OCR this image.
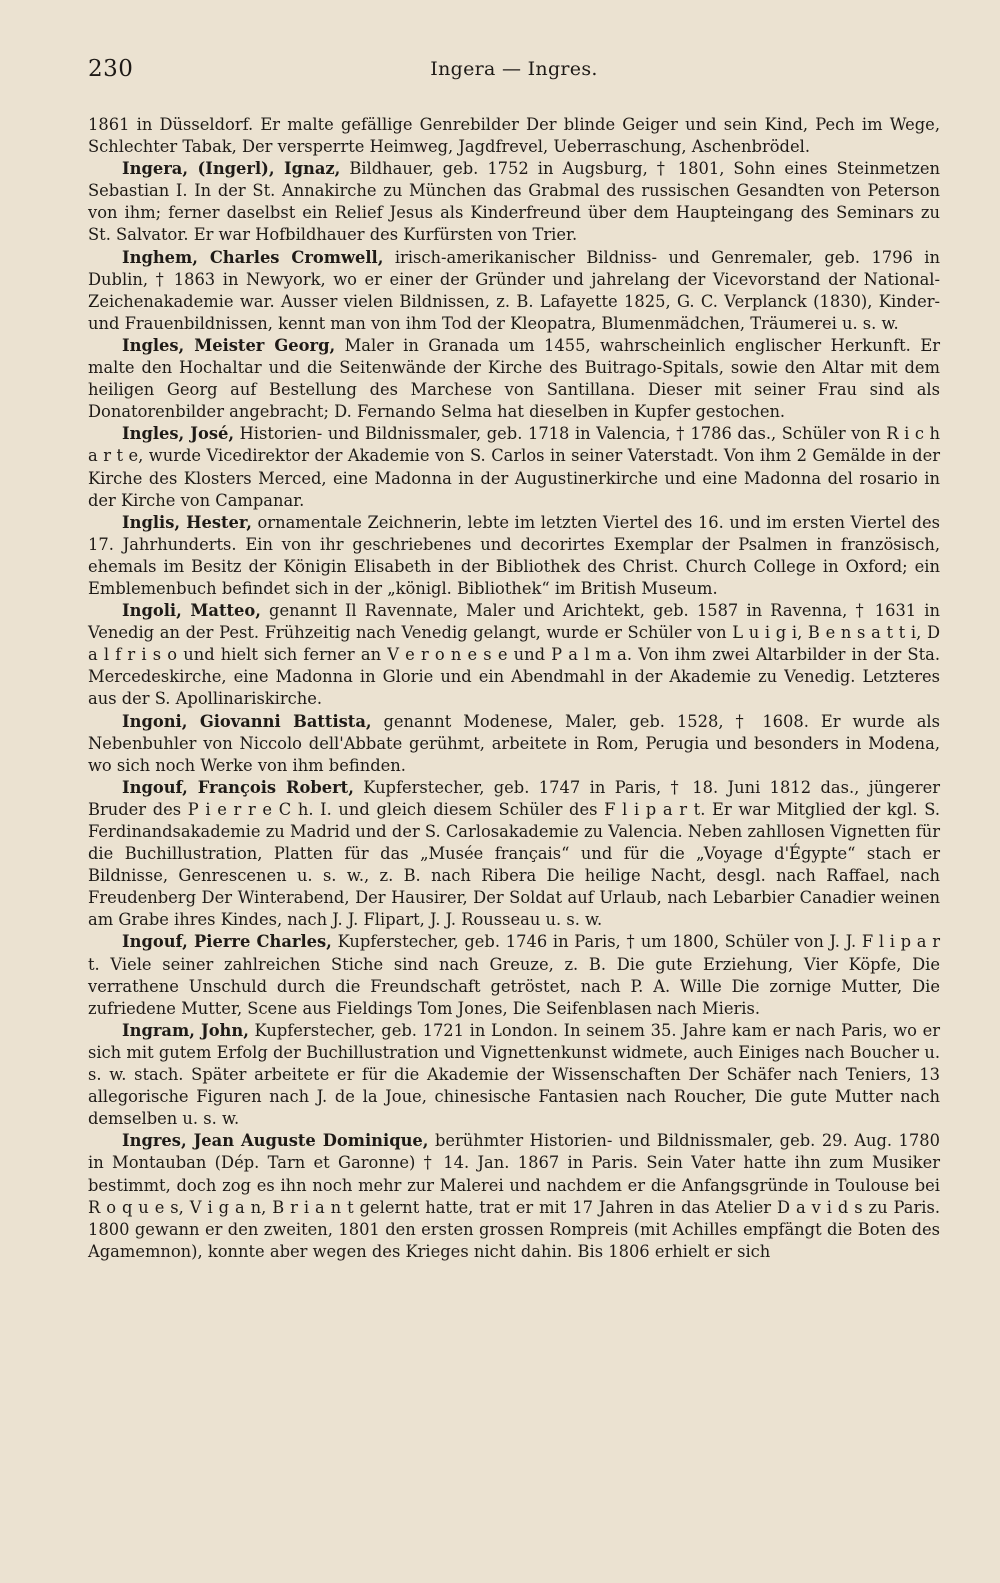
230	Ingera — Ingres.

1861 in Düsseldorf. Er malte gefällige Genrebilder Der blinde Geiger und sein Kind, Pech im Wege, Schlechter Tabak, Der versperrte Heimweg, Jagdfrevel, Ueberraschung, Aschenbrödel.

Ingera, (Ingerl), Ignaz, Bildhauer, geb. 1752 in Augsburg, † 1801, Sohn eines Steinmetzen Sebastian I. In der St. Annakirche zu München das Grabmal des russischen Gesandten von Peterson von ihm; ferner daselbst ein Relief Jesus als Kinderfreund über dem Haupteingang des Seminars zu St. Salvator. Er war Hofbildhauer des Kurfürsten von Trier.

Inghem, Charles Cromwell, irisch-amerikanischer Bildniss- und Genremaler, geb. 1796 in Dublin, † 1863 in Newyork, wo er einer der Gründer und jahrelang der Vicevorstand der National-Zeichenakademie war. Ausser vielen Bildnissen, z. B. Lafayette 1825, G. C. Verplanck (1830), Kinder- und Frauenbildnissen, kennt man von ihm Tod der Kleopatra, Blumenmädchen, Träumerei u. s. w.

Ingles, Meister Georg, Maler in Granada um 1455, wahrscheinlich englischer Herkunft. Er malte den Hochaltar und die Seitenwände der Kirche des Buitrago-Spitals, sowie den Altar mit dem heiligen Georg auf Bestellung des Marchese von Santillana. Dieser mit seiner Frau sind als Donatorenbilder angebracht; D. Fernando Selma hat dieselben in Kupfer gestochen.

Ingles, José, Historien- und Bildnissmaler, geb. 1718 in Valencia, † 1786 das., Schüler von R i c h a r t e, wurde Vicedirektor der Akademie von S. Carlos in seiner Vaterstadt. Von ihm 2 Gemälde in der Kirche des Klosters Merced, eine Madonna in der Augustinerkirche und eine Madonna del rosario in der Kirche von Campanar.

Inglis, Hester, ornamentale Zeichnerin, lebte im letzten Viertel des 16. und im ersten Viertel des 17. Jahrhunderts. Ein von ihr geschriebenes und decorirtes Exemplar der Psalmen in französisch, ehemals im Besitz der Königin Elisabeth in der Bibliothek des Christ. Church College in Oxford; ein Emblemenbuch befindet sich in der „königl. Bibliothek“ im British Museum.

Ingoli, Matteo, genannt Il Ravennate, Maler und Arichtekt, geb. 1587 in Ravenna, † 1631 in Venedig an der Pest. Frühzeitig nach Venedig gelangt, wurde er Schüler von L u i g i, B e n s a t t i, D a l f r i s o und hielt sich ferner an V e r o n e s e und P a l m a. Von ihm zwei Altarbilder in der Sta. Mercedeskirche, eine Madonna in Glorie und ein Abendmahl in der Akademie zu Venedig. Letzteres aus der S. Apollinariskirche.

Ingoni, Giovanni Battista, genannt Modenese, Maler, geb. 1528, † 1608. Er wurde als Nebenbuhler von Niccolo dell'Abbate gerühmt, arbeitete in Rom, Perugia und besonders in Modena, wo sich noch Werke von ihm befinden.

Ingouf, François Robert, Kupferstecher, geb. 1747 in Paris, † 18. Juni 1812 das., jüngerer Bruder des P i e r r e C h. I. und gleich diesem Schüler des F l i p a r t. Er war Mitglied der kgl. S. Ferdinandsakademie zu Madrid und der S. Carlosakademie zu Valencia. Neben zahllosen Vignetten für die Buchillustration, Platten für das „Musée français“ und für die „Voyage d'Égypte“ stach er Bildnisse, Genrescenen u. s. w., z. B. nach Ribera Die heilige Nacht, desgl. nach Raffael, nach Freudenberg Der Winterabend, Der Hausirer, Der Soldat auf Urlaub, nach Lebarbier Canadier weinen am Grabe ihres Kindes, nach J. J. Flipart, J. J. Rousseau u. s. w.

Ingouf, Pierre Charles, Kupferstecher, geb. 1746 in Paris, † um 1800, Schüler von J. J. F l i p a r t. Viele seiner zahlreichen Stiche sind nach Greuze, z. B. Die gute Erziehung, Vier Köpfe, Die verrathene Unschuld durch die Freundschaft getröstet, nach P. A. Wille Die zornige Mutter, Die zufriedene Mutter, Scene aus Fieldings Tom Jones, Die Seifenblasen nach Mieris.

Ingram, John, Kupferstecher, geb. 1721 in London. In seinem 35. Jahre kam er nach Paris, wo er sich mit gutem Erfolg der Buchillustration und Vignettenkunst widmete, auch Einiges nach Boucher u. s. w. stach. Später arbeitete er für die Akademie der Wissenschaften Der Schäfer nach Teniers, 13 allegorische Figuren nach J. de la Joue, chinesische Fantasien nach Roucher, Die gute Mutter nach demselben u. s. w.

Ingres, Jean Auguste Dominique, berühmter Historien- und Bildnissmaler, geb. 29. Aug. 1780 in Montauban (Dép. Tarn et Garonne) † 14. Jan. 1867 in Paris. Sein Vater hatte ihn zum Musiker bestimmt, doch zog es ihn noch mehr zur Malerei und nachdem er die Anfangsgründe in Toulouse bei R o q u e s, V i g a n, B r i a n t gelernt hatte, trat er mit 17 Jahren in das Atelier D a v i d s zu Paris. 1800 gewann er den zweiten, 1801 den ersten grossen Rompreis (mit Achilles empfängt die Boten des Agamemnon), konnte aber wegen des Krieges nicht dahin. Bis 1806 erhielt er sich
